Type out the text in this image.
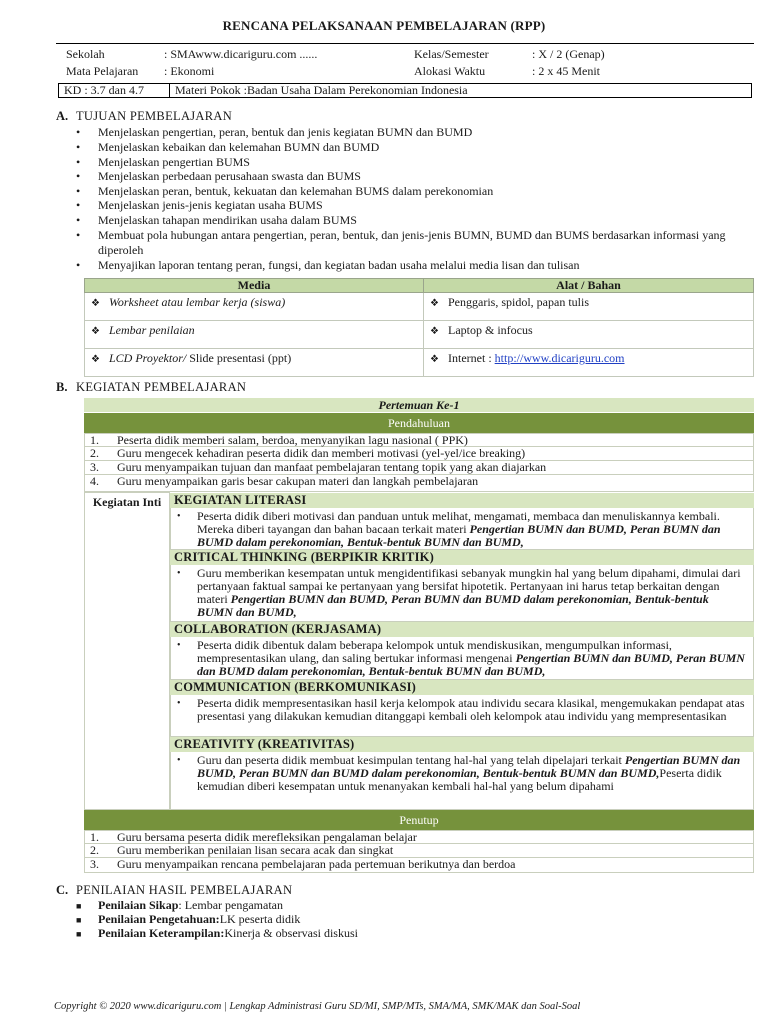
RENCANA PELAKSANAAN PEMBELAJARAN (RPP)
Sekolah	: SMAwww.dicariguru.com ......	Kelas/Semester	: X / 2 (Genap)
Mata Pelajaran : Ekonomi	Alokasi Waktu	: 2 x 45 Menit
KD : 3.7 dan 4.7	Materi Pokok :Badan Usaha Dalam Perekonomian Indonesia
A. TUJUAN PEMBELAJARAN
•	Menjelaskan pengertian, peran, bentuk dan jenis kegiatan BUMN dan BUMD
•	Menjelaskan kebaikan dan kelemahan BUMN dan BUMD
•	Menjelaskan pengertian BUMS
•	Menjelaskan perbedaan perusahaan swasta dan BUMS
•	Menjelaskan peran, bentuk, kekuatan dan kelemahan BUMS dalam perekonomian
•	Menjelaskan jenis-jenis kegiatan usaha BUMS
•	Menjelaskan tahapan mendirikan usaha dalam BUMS
•	Membuat pola hubungan antara pengertian, peran, bentuk, dan jenis-jenis BUMN, BUMD dan BUMS berdasarkan informasi yang diperoleh
•	Menyajikan laporan tentang peran, fungsi, dan kegiatan badan usaha melalui media lisan dan tulisan
Media	Alat / Bahan
❖ Worksheet atau lembar kerja (siswa)	❖ Penggaris, spidol, papan tulis
❖ Lembar penilaian	❖ Laptop & infocus
❖ LCD Proyektor/ Slide presentasi (ppt)	❖ Internet : http://www.dicariguru.com
B. KEGIATAN PEMBELAJARAN
Pertemuan Ke-1
Pendahuluan
1. Peserta didik memberi salam, berdoa, menyanyikan lagu nasional ( PPK)
2. Guru mengecek kehadiran peserta didik dan memberi motivasi (yel-yel/ice breaking)
3. Guru menyampaikan tujuan dan manfaat pembelajaran tentang topik yang akan diajarkan
4. Guru menyampaikan garis besar cakupan materi dan langkah pembelajaran
Kegiatan Inti	KEGIATAN LITERASI
• Peserta didik diberi motivasi dan panduan untuk melihat, mengamati, membaca dan menuliskannya kembali. Mereka diberi tayangan dan bahan bacaan terkait materi Pengertian BUMN dan BUMD, Peran BUMN dan BUMD dalam perekonomian, Bentuk-bentuk BUMN dan BUMD,
CRITICAL THINKING (BERPIKIR KRITIK)
• Guru memberikan kesempatan untuk mengidentifikasi sebanyak mungkin hal yang belum dipahami, dimulai dari pertanyaan faktual sampai ke pertanyaan yang bersifat hipotetik. Pertanyaan ini harus tetap berkaitan dengan materi Pengertian BUMN dan BUMD, Peran BUMN dan BUMD dalam perekonomian, Bentuk-bentuk BUMN dan BUMD,
COLLABORATION (KERJASAMA)
• Peserta didik dibentuk dalam beberapa kelompok untuk mendiskusikan, mengumpulkan informasi, mempresentasikan ulang, dan saling bertukar informasi mengenai Pengertian BUMN dan BUMD, Peran BUMN dan BUMD dalam perekonomian, Bentuk-bentuk BUMN dan BUMD,
COMMUNICATION (BERKOMUNIKASI)
• Peserta didik mempresentasikan hasil kerja kelompok atau individu secara klasikal, mengemukakan pendapat atas presentasi yang dilakukan kemudian ditanggapi kembali oleh kelompok atau individu yang mempresentasikan
CREATIVITY (KREATIVITAS)
• Guru dan peserta didik membuat kesimpulan tentang hal-hal yang telah dipelajari terkait Pengertian BUMN dan BUMD, Peran BUMN dan BUMD dalam perekonomian, Bentuk-bentuk BUMN dan BUMD,Peserta didik kemudian diberi kesempatan untuk menanyakan kembali hal-hal yang belum dipahami
Penutup
1. Guru bersama peserta didik merefleksikan pengalaman belajar
2. Guru memberikan penilaian lisan secara acak dan singkat
3. Guru menyampaikan rencana pembelajaran pada pertemuan berikutnya dan berdoa
C. PENILAIAN HASIL PEMBELAJARAN
■ Penilaian Sikap: Lembar pengamatan
■ Penilaian Pengetahuan:LK peserta didik
■ Penilaian Keterampilan:Kinerja & observasi diskusi
Copyright © 2020 www.dicariguru.com | Lengkap Administrasi Guru SD/MI, SMP/MTs, SMA/MA, SMK/MAK dan Soal-Soal
